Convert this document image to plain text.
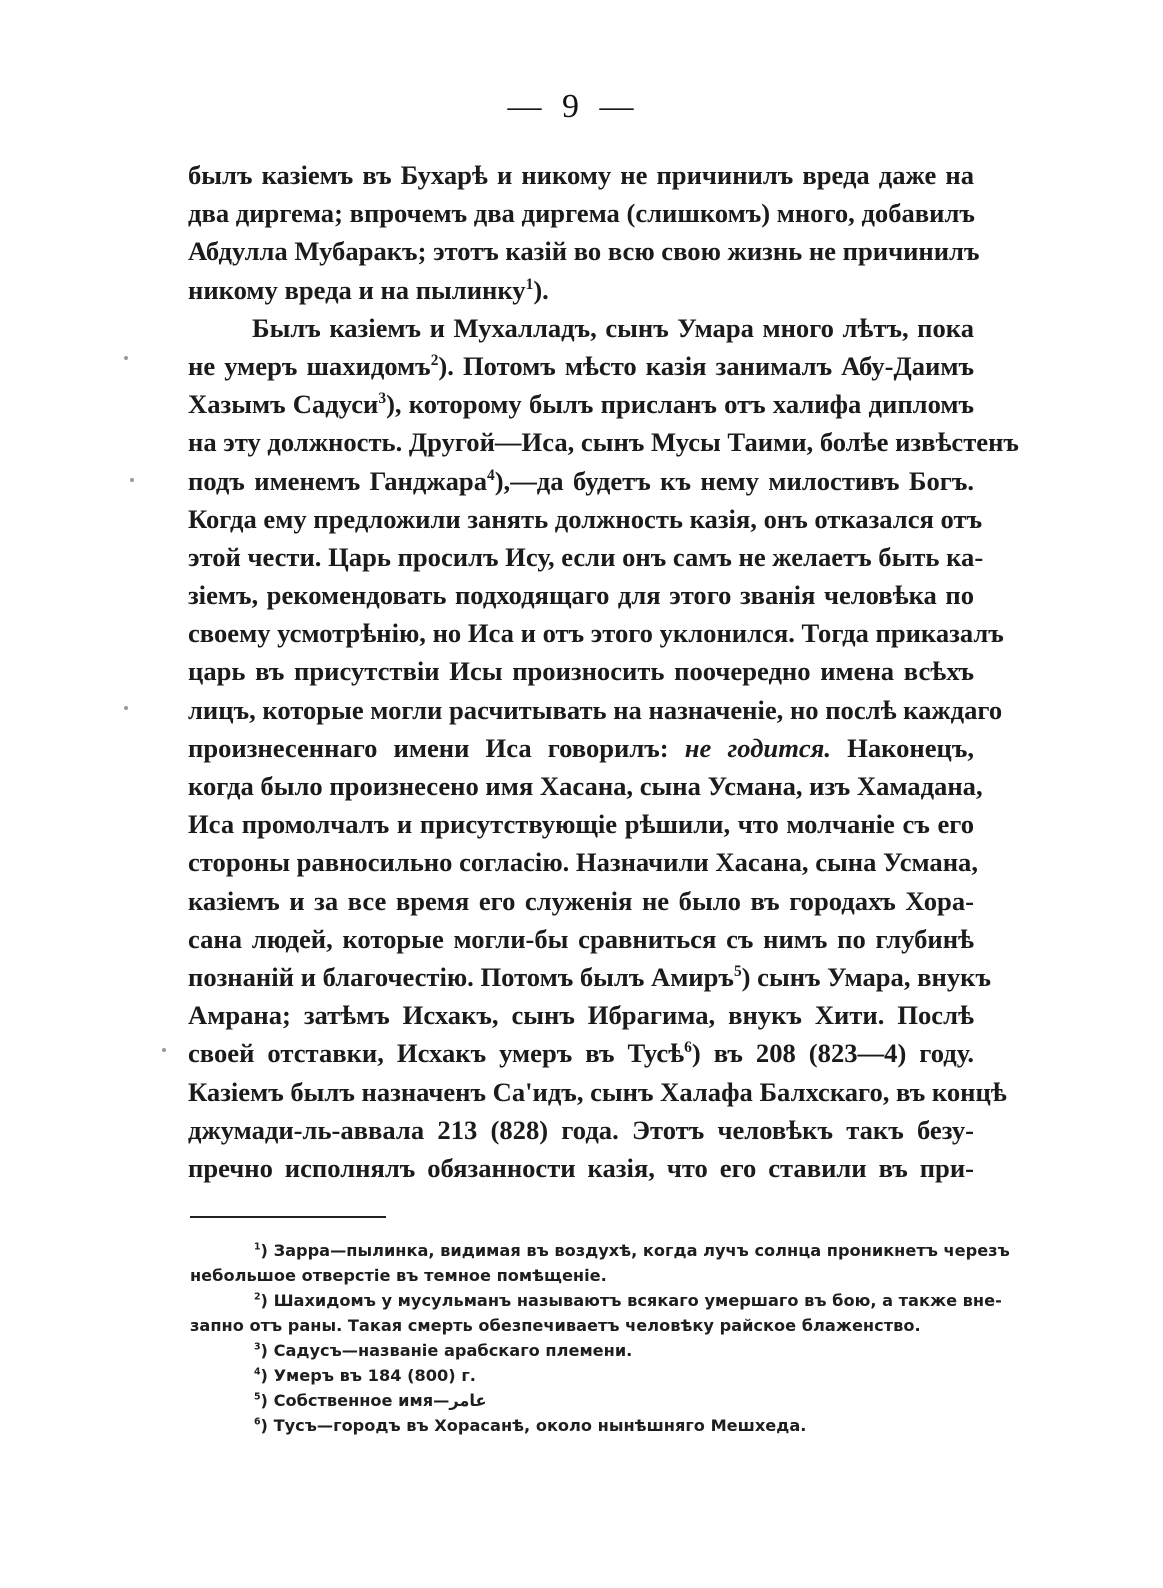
— 9 —
былъ казіемъ въ Бухарѣ и никому не причинилъ вреда даже на
два диргема; впрочемъ два диргема (слишкомъ) много, добавилъ
Абдулла Мубаракъ; этотъ казій во всю свою жизнь не причинилъ
никому вреда и на пылинку$^1$).
Былъ казіемъ и Мухалладъ, сынъ Умара много лѣтъ, пока
не умеръ шахидомъ$^2$). Потомъ мѣсто казія занималъ Абу-Даимъ
Хазымъ Садуси$^3$), которому былъ присланъ отъ халифа дипломъ
на эту должность. Другой—Иса, сынъ Мусы Таими, болѣе извѣстенъ
подъ именемъ Ганджара$^4$),—да будетъ къ нему милостивъ Богъ.
Когда ему предложили занять должность казія, онъ отказался отъ
этой чести. Царь просилъ Ису, если онъ самъ не желаетъ быть ка-
зіемъ, рекомендовать подходящаго для этого званія человѣка по
своему усмотрѣнію, но Иса и отъ этого уклонился. Тогда приказалъ
царь въ присутствіи Исы произносить поочередно имена всѣхъ
лицъ, которые могли расчитывать на назначеніе, но послѣ каждаго
произнесеннаго имени Иса говорилъ: не годится. Наконецъ,
когда было произнесено имя Хасана, сына Усмана, изъ Хамадана,
Иса промолчалъ и присутствующіе рѣшили, что молчаніе съ его
стороны равносильно согласію. Назначили Хасана, сына Усмана,
казіемъ и за все время его служенія не было въ городахъ Хора-
сана людей, которые могли-бы сравниться съ нимъ по глубинѣ
познаній и благочестію. Потомъ былъ Амиръ$^5$) сынъ Умара, внукъ
Амрана; затѣмъ Исхакъ, сынъ Ибрагима, внукъ Хити. Послѣ
своей отставки, Исхакъ умеръ въ Тусѣ$^6$) въ 208 (823—4) году.
Казіемъ былъ назначенъ Са'идъ, сынъ Халафа Балхскаго, въ концѣ
джумади-ль-аввала 213 (828) года. Этотъ человѣкъ такъ безу-
пречно исполнялъ обязанности казія, что его ставили въ при-
$^1$) Зарра—пылинка, видимая въ воздухѣ, когда лучъ солнца проникнетъ черезъ
небольшое отверстіе въ темное помѣщеніе.
$^2$) Шахидомъ у мусульманъ называютъ всякаго умершаго въ бою, а также вне-
запно отъ раны. Такая смерть обезпечиваетъ человѣку райское блаженство.
$^3$) Садусъ—названіе арабскаго племени.
$^4$) Умеръ въ 184 (800) г.
$^5$) Собственное имя—عامر
$^6$) Тусъ—городъ въ Хорасанѣ, около нынѣшняго Мешхеда.
